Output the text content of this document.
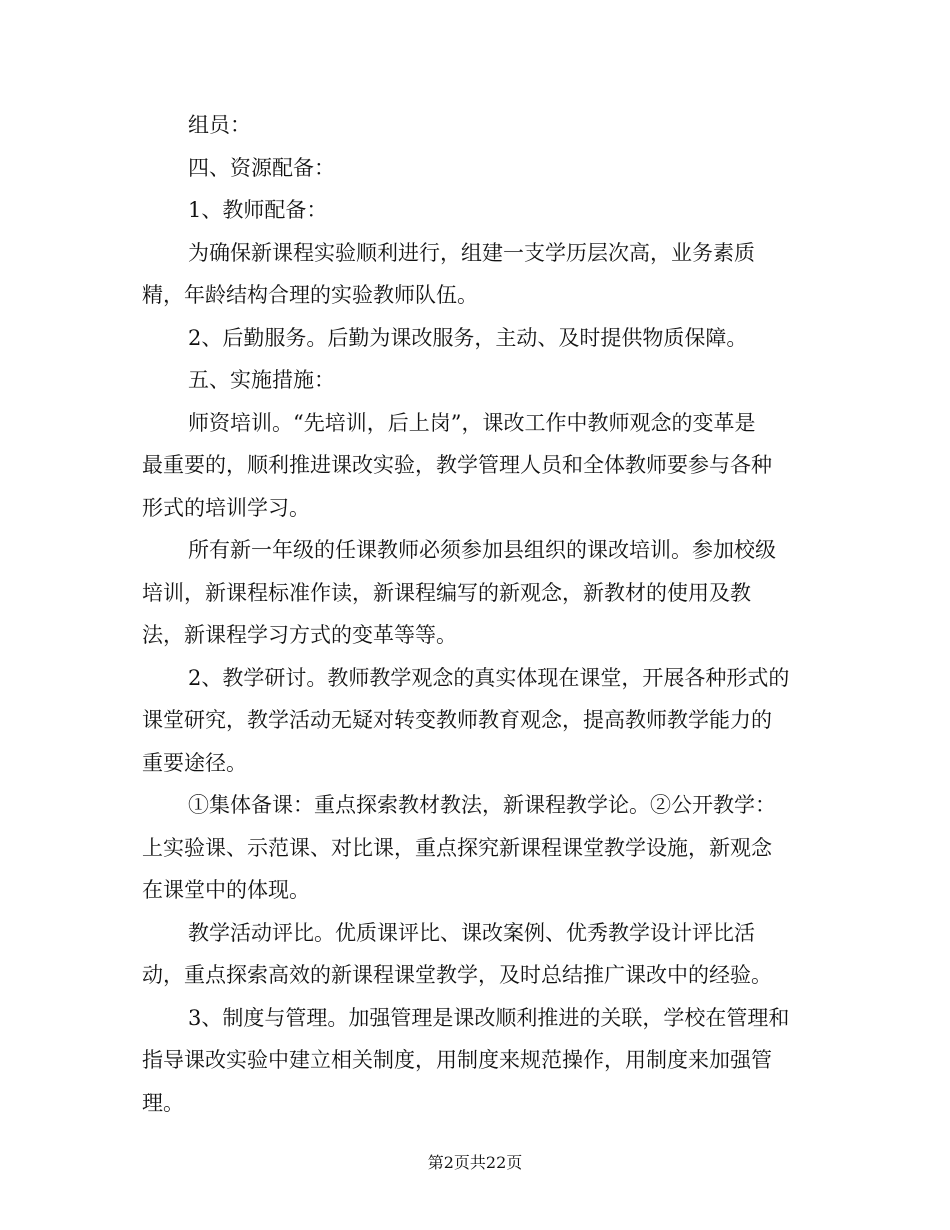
组员：

四、资源配备：

1、教师配备：

为确保新课程实验顺利进行，组建一支学历层次高，业务素质
精，年龄结构合理的实验教师队伍。

2、后勤服务。后勤为课改服务，主动、及时提供物质保障。

五、实施措施：

师资培训。“先培训，后上岗”，课改工作中教师观念的变革是
最重要的，顺利推进课改实验，教学管理人员和全体教师要参与各种
形式的培训学习。

所有新一年级的任课教师必须参加县组织的课改培训。参加校级
培训，新课程标准作读，新课程编写的新观念，新教材的使用及教
法，新课程学习方式的变革等等。

2、教学研讨。教师教学观念的真实体现在课堂，开展各种形式的
课堂研究，教学活动无疑对转变教师教育观念，提高教师教学能力的
重要途径。

①集体备课：重点探索教材教法，新课程教学论。②公开教学：
上实验课、示范课、对比课，重点探究新课程课堂教学设施，新观念
在课堂中的体现。

教学活动评比。优质课评比、课改案例、优秀教学设计评比活
动，重点探索高效的新课程课堂教学，及时总结推广课改中的经验。

3、制度与管理。加强管理是课改顺利推进的关联，学校在管理和
指导课改实验中建立相关制度，用制度来规范操作，用制度来加强管
理。

第2页共22页
